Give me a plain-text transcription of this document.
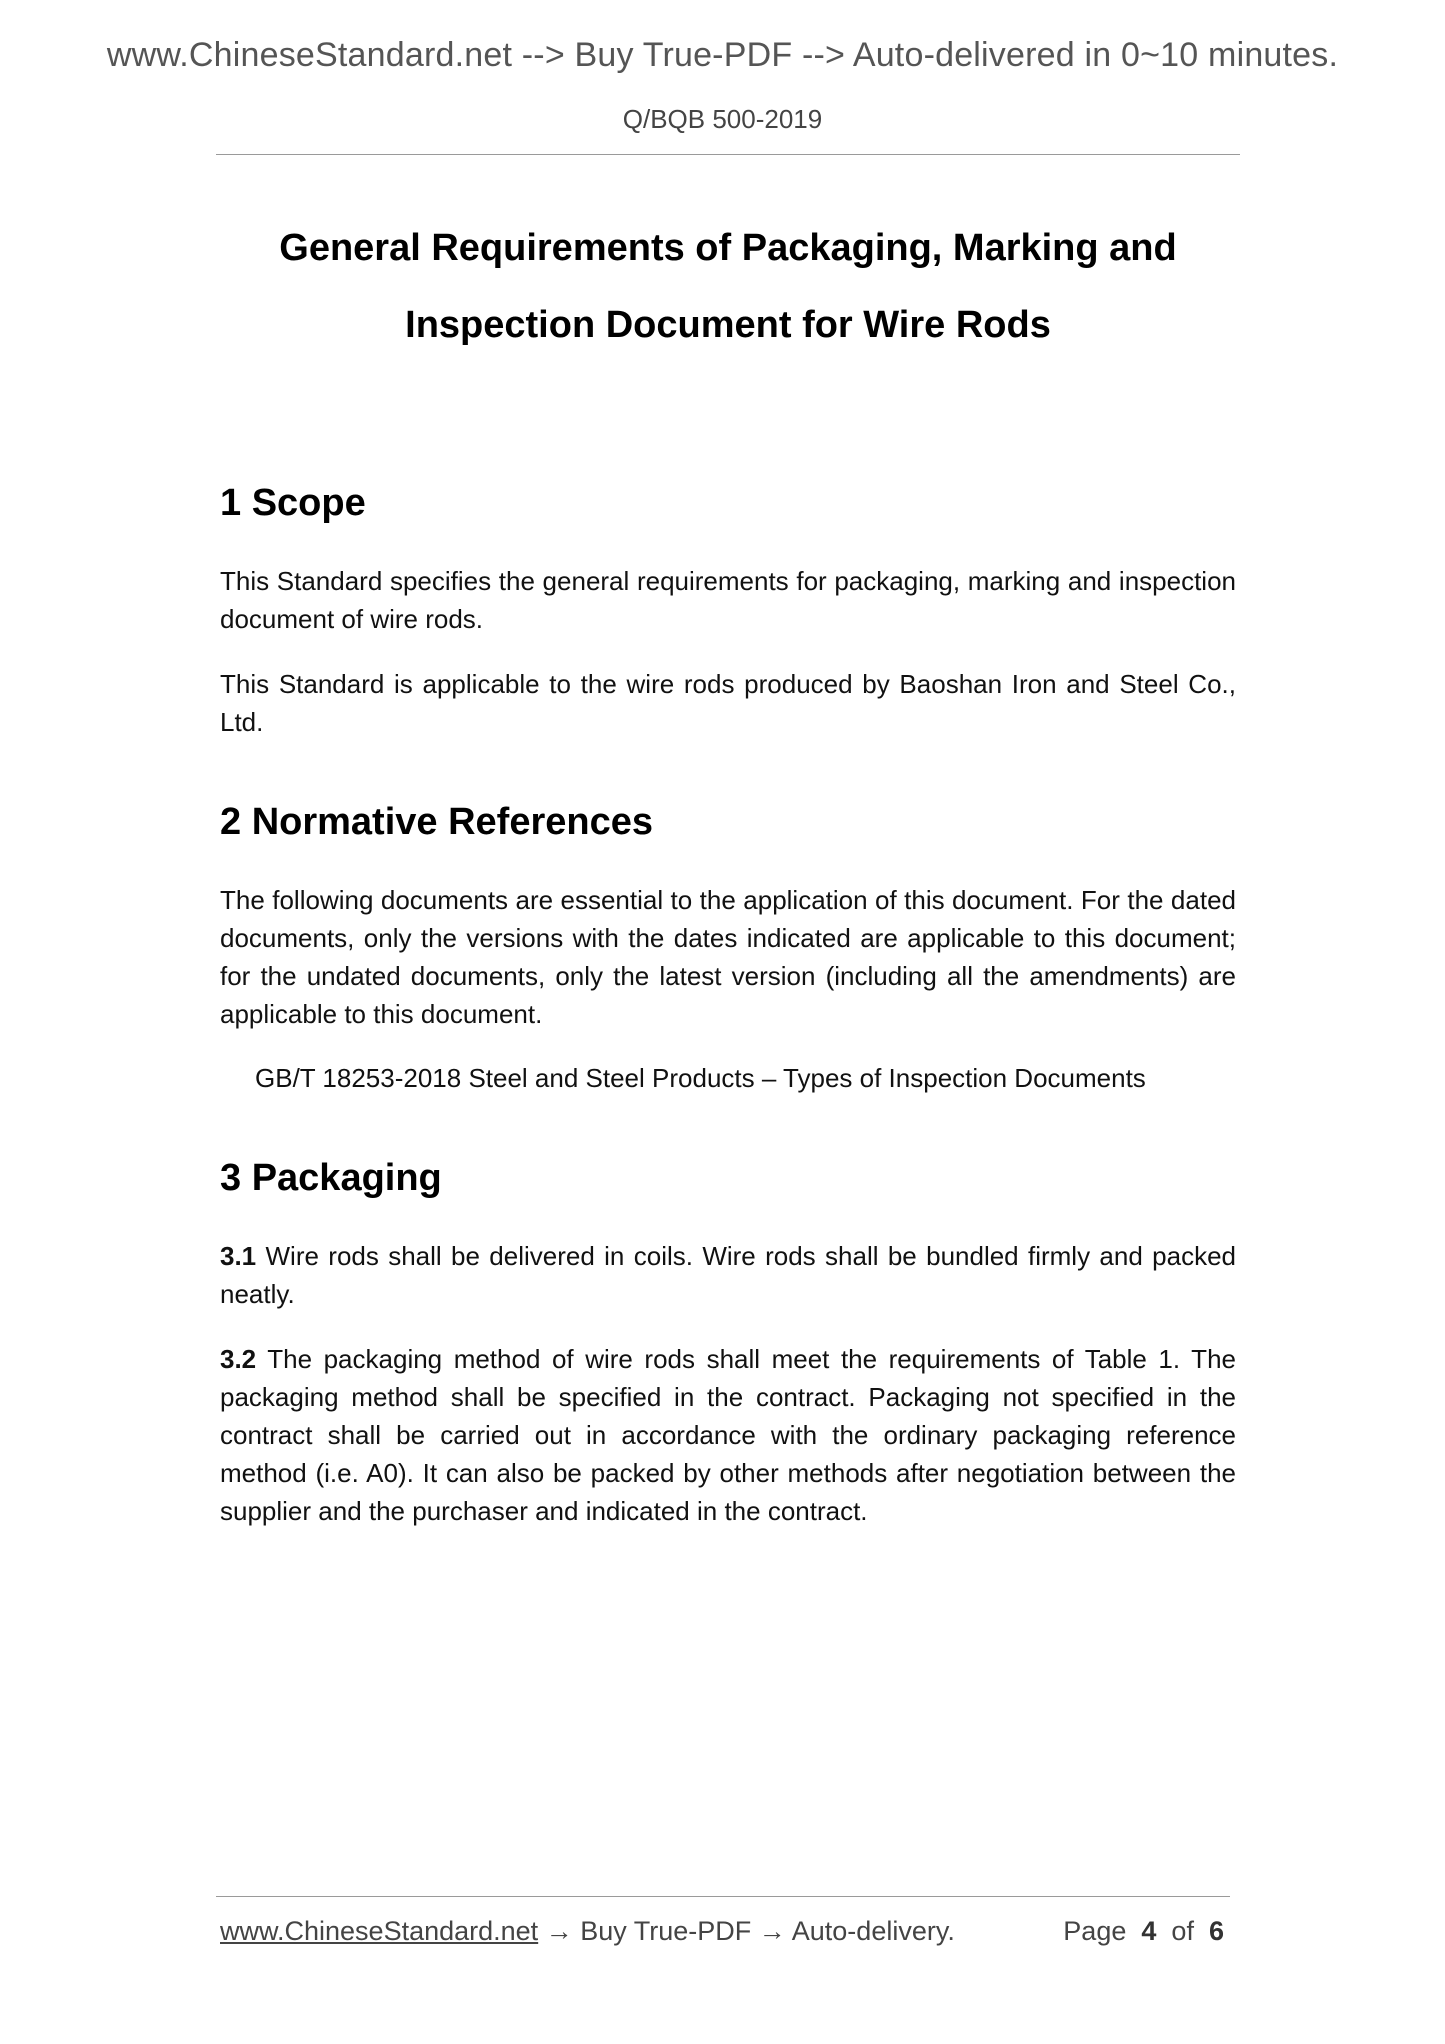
www.ChineseStandard.net --> Buy True-PDF --> Auto-delivered in 0~10 minutes.
Q/BQB 500-2019
General Requirements of Packaging, Marking and
Inspection Document for Wire Rods
1 Scope

This Standard specifies the general requirements for packaging, marking and inspection document of wire rods.

This Standard is applicable to the wire rods produced by Baoshan Iron and Steel Co., Ltd.

2 Normative References

The following documents are essential to the application of this document. For the dated documents, only the versions with the dates indicated are applicable to this document; for the undated documents, only the latest version (including all the amendments) are applicable to this document.

GB/T 18253-2018 Steel and Steel Products – Types of Inspection Documents
3 Packaging

3.1 Wire rods shall be delivered in coils. Wire rods shall be bundled firmly and packed neatly.

3.2 The packaging method of wire rods shall meet the requirements of Table 1. The packaging method shall be specified in the contract. Packaging not specified in the contract shall be carried out in accordance with the ordinary packaging reference method (i.e. A0). It can also be packed by other methods after negotiation between the supplier and the purchaser and indicated in the contract.

www.ChineseStandard.net → Buy True-PDF → Auto-delivery.	Page 4 of 6
